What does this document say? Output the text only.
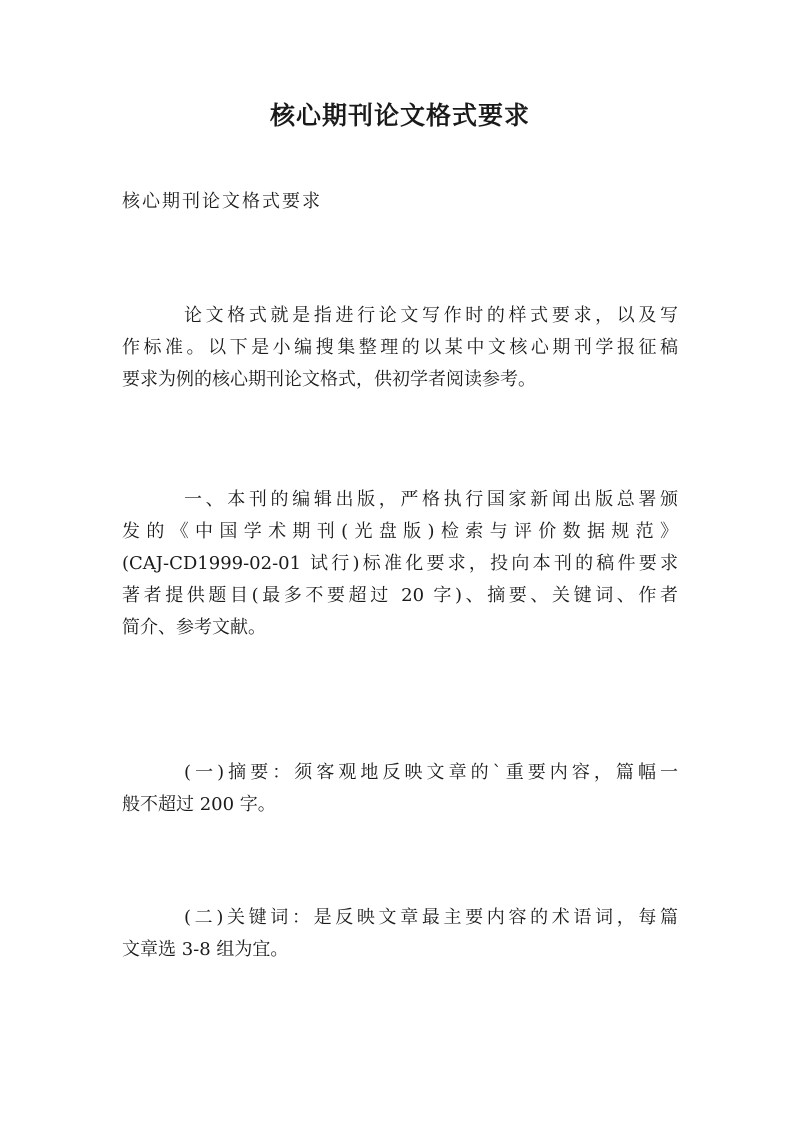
核心期刊论文格式要求

核心期刊论文格式要求

论文格式就是指进行论文写作时的样式要求，以及写
作标准。以下是小编搜集整理的以某中文核心期刊学报征稿
要求为例的核心期刊论文格式，供初学者阅读参考。
一、本刊的编辑出版，严格执行国家新闻出版总署颁
发的《中国学术期刊(光盘版)检索与评价数据规范》
(CAJ-CD1999-02-01 试行)标准化要求，投向本刊的稿件要求
著者提供题目(最多不要超过 20 字)、摘要、关键词、作者
简介、参考文献。
(一)摘要：须客观地反映文章的`重要内容，篇幅一
般不超过 200 字。
(二)关键词：是反映文章最主要内容的术语词，每篇
文章选 3-8 组为宜。
